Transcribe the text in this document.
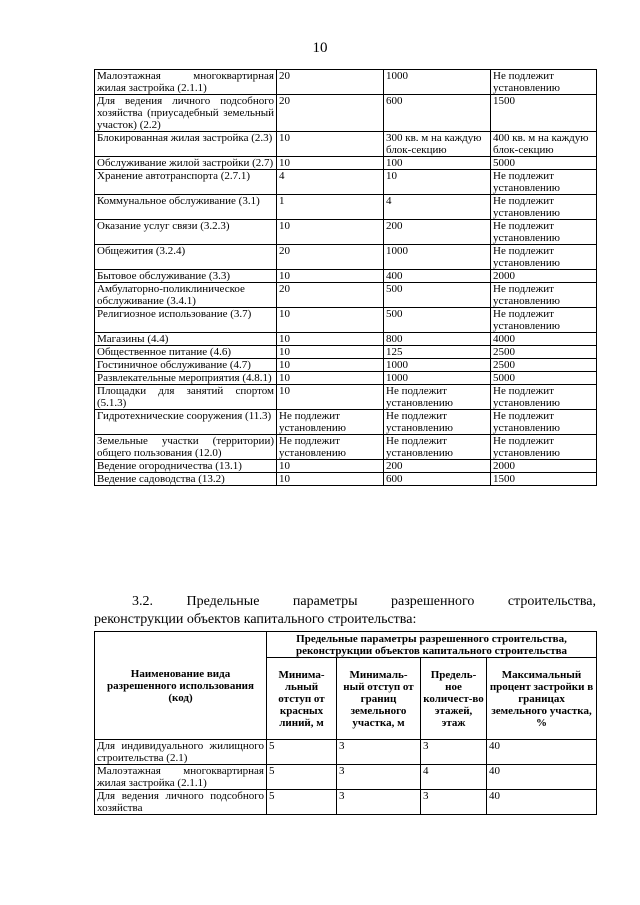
10
Малоэтажная многоквартирная жилая застройка (2.1.1)	20	1000	Не подлежит установлению
Для ведения личного подсобного хозяйства (приусадебный земельный участок) (2.2)	20	600	1500
Блокированная жилая застройка (2.3)	10	300 кв. м на каждую блок-секцию	400 кв. м на каждую блок-секцию
Обслуживание жилой застройки (2.7)	10	100	5000
Хранение автотранспорта (2.7.1)	4	10	Не подлежит установлению
Коммунальное обслуживание (3.1)	1	4	Не подлежит установлению
Оказание услуг связи (3.2.3)	10	200	Не подлежит установлению
Общежития (3.2.4)	20	1000	Не подлежит установлению
Бытовое обслуживание (3.3)	10	400	2000
Амбулаторно-поликлиническое обслуживание (3.4.1)	20	500	Не подлежит установлению
Религиозное использование (3.7)	10	500	Не подлежит установлению
Магазины (4.4)	10	800	4000
Общественное питание (4.6)	10	125	2500
Гостиничное обслуживание (4.7)	10	1000	2500
Развлекательные мероприятия (4.8.1)	10	1000	5000
Площадки для занятий спортом (5.1.3)	10	Не подлежит установлению	Не подлежит установлению
Гидротехнические сооружения (11.3)	Не подлежит установлению	Не подлежит установлению	Не подлежит установлению
Земельные участки (территории) общего пользования (12.0)	Не подлежит установлению	Не подлежит установлению	Не подлежит установлению
Ведение огородничества (13.1)	10	200	2000
Ведение садоводства (13.2)	10	600	1500
3.2. Предельные параметры разрешенного строительства,
реконструкции объектов капитального строительства:
Наименование вида разрешенного использования (код)	Предельные параметры разрешенного строительства, реконструкции объектов капитального строительства			
	Минима-льный отступ от красных линий, м	Минималь-ный отступ от границ земельного участка, м	Предель-ное количест-во этажей, этаж	Максимальный процент застройки в границах земельного участка, %
Для индивидуального жилищного строительства (2.1)	5	3	3	40
Малоэтажная многоквартирная жилая застройка (2.1.1)	5	3	4	40
Для ведения личного подсобного хозяйства	5	3	3	40
